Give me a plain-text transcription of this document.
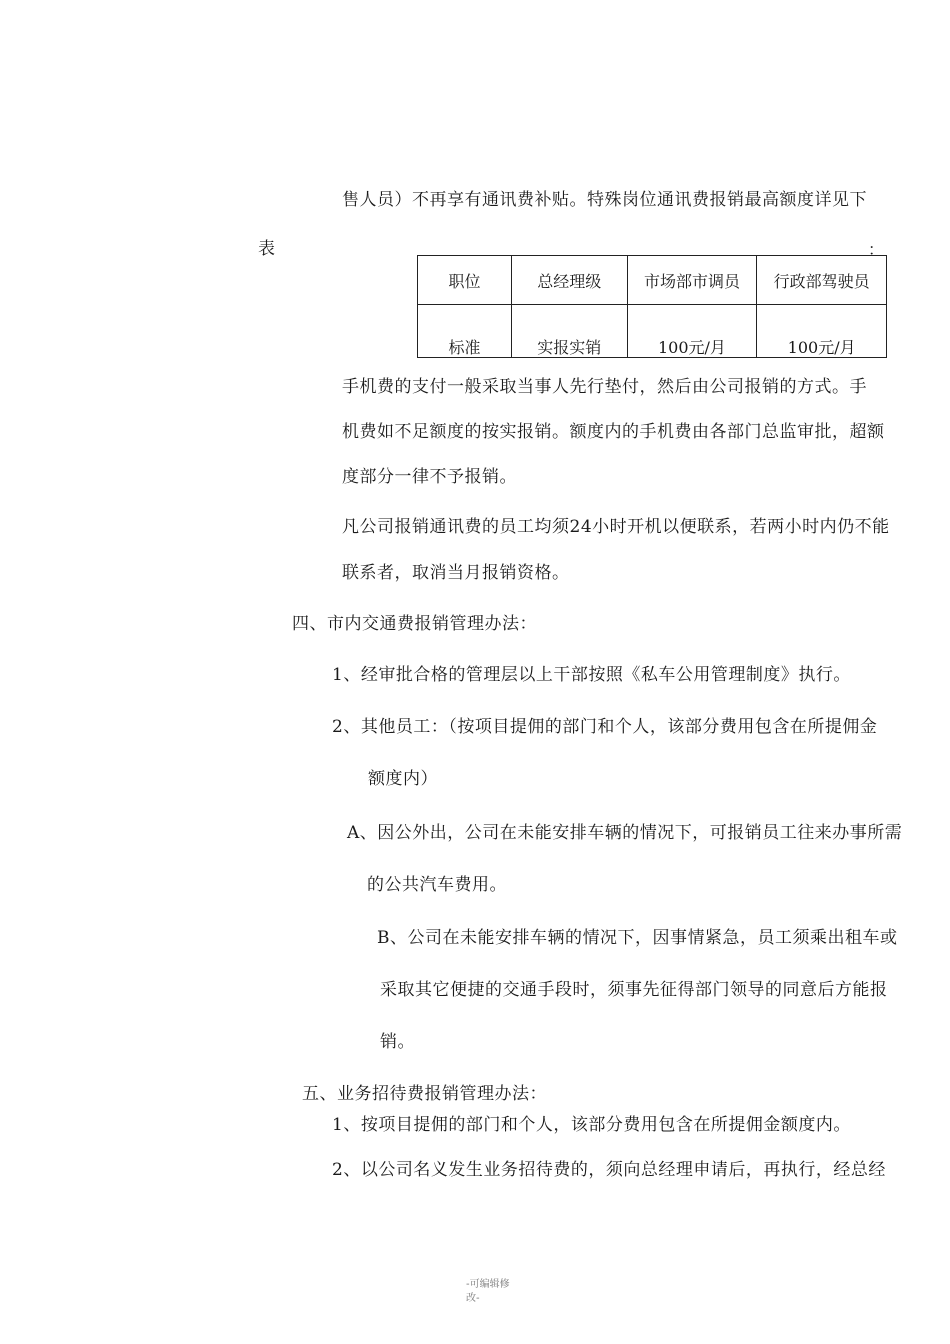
售人员）不再享有通讯费补贴。特殊岗位通讯费报销最高额度详见下
表	：
职位	总经理级	市场部市调员	行政部驾驶员
标准	实报实销	100元/月	100元/月
手机费的支付一般采取当事人先行垫付，然后由公司报销的方式。手
机费如不足额度的按实报销。额度内的手机费由各部门总监审批，超额
度部分一律不予报销。
凡公司报销通讯费的员工均须24小时开机以便联系，若两小时内仍不能
联系者，取消当月报销资格。
四、市内交通费报销管理办法：
1、经审批合格的管理层以上干部按照《私车公用管理制度》执行。
2、其他员工：（按项目提佣的部门和个人，该部分费用包含在所提佣金
额度内）
A、因公外出，公司在未能安排车辆的情况下，可报销员工往来办事所需
的公共汽车费用。
B、公司在未能安排车辆的情况下，因事情紧急，员工须乘出租车或
采取其它便捷的交通手段时，须事先征得部门领导的同意后方能报
销。
五、业务招待费报销管理办法：
1、按项目提佣的部门和个人，该部分费用包含在所提佣金额度内。
2、以公司名义发生业务招待费的，须向总经理申请后，再执行，经总经
-可编辑修
改-
